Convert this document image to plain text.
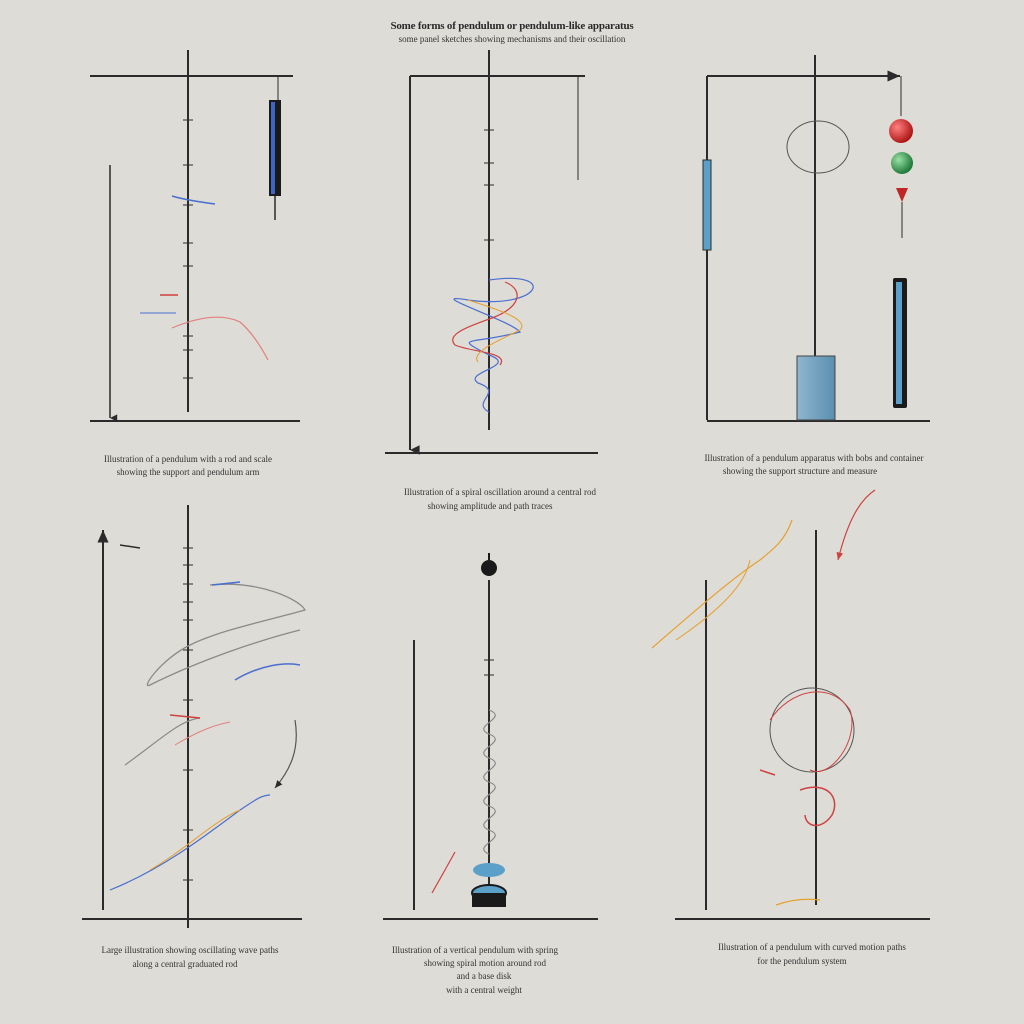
Some forms of pendulum or pendulum-like apparatus
some panel sketches showing mechanisms and their oscillation
Illustration of a pendulum with a rod and scale
showing the support and pendulum arm
Illustration of a spiral oscillation around a central rod
showing amplitude and path traces
Illustration of a pendulum apparatus with bobs and container
showing the support structure and measure
Large illustration showing oscillating wave paths
along a central graduated rod
Illustration of a vertical pendulum with spring
showing spiral motion around rod
and a base disk
with a central weight
Illustration of a pendulum with curved motion paths
for the pendulum system
